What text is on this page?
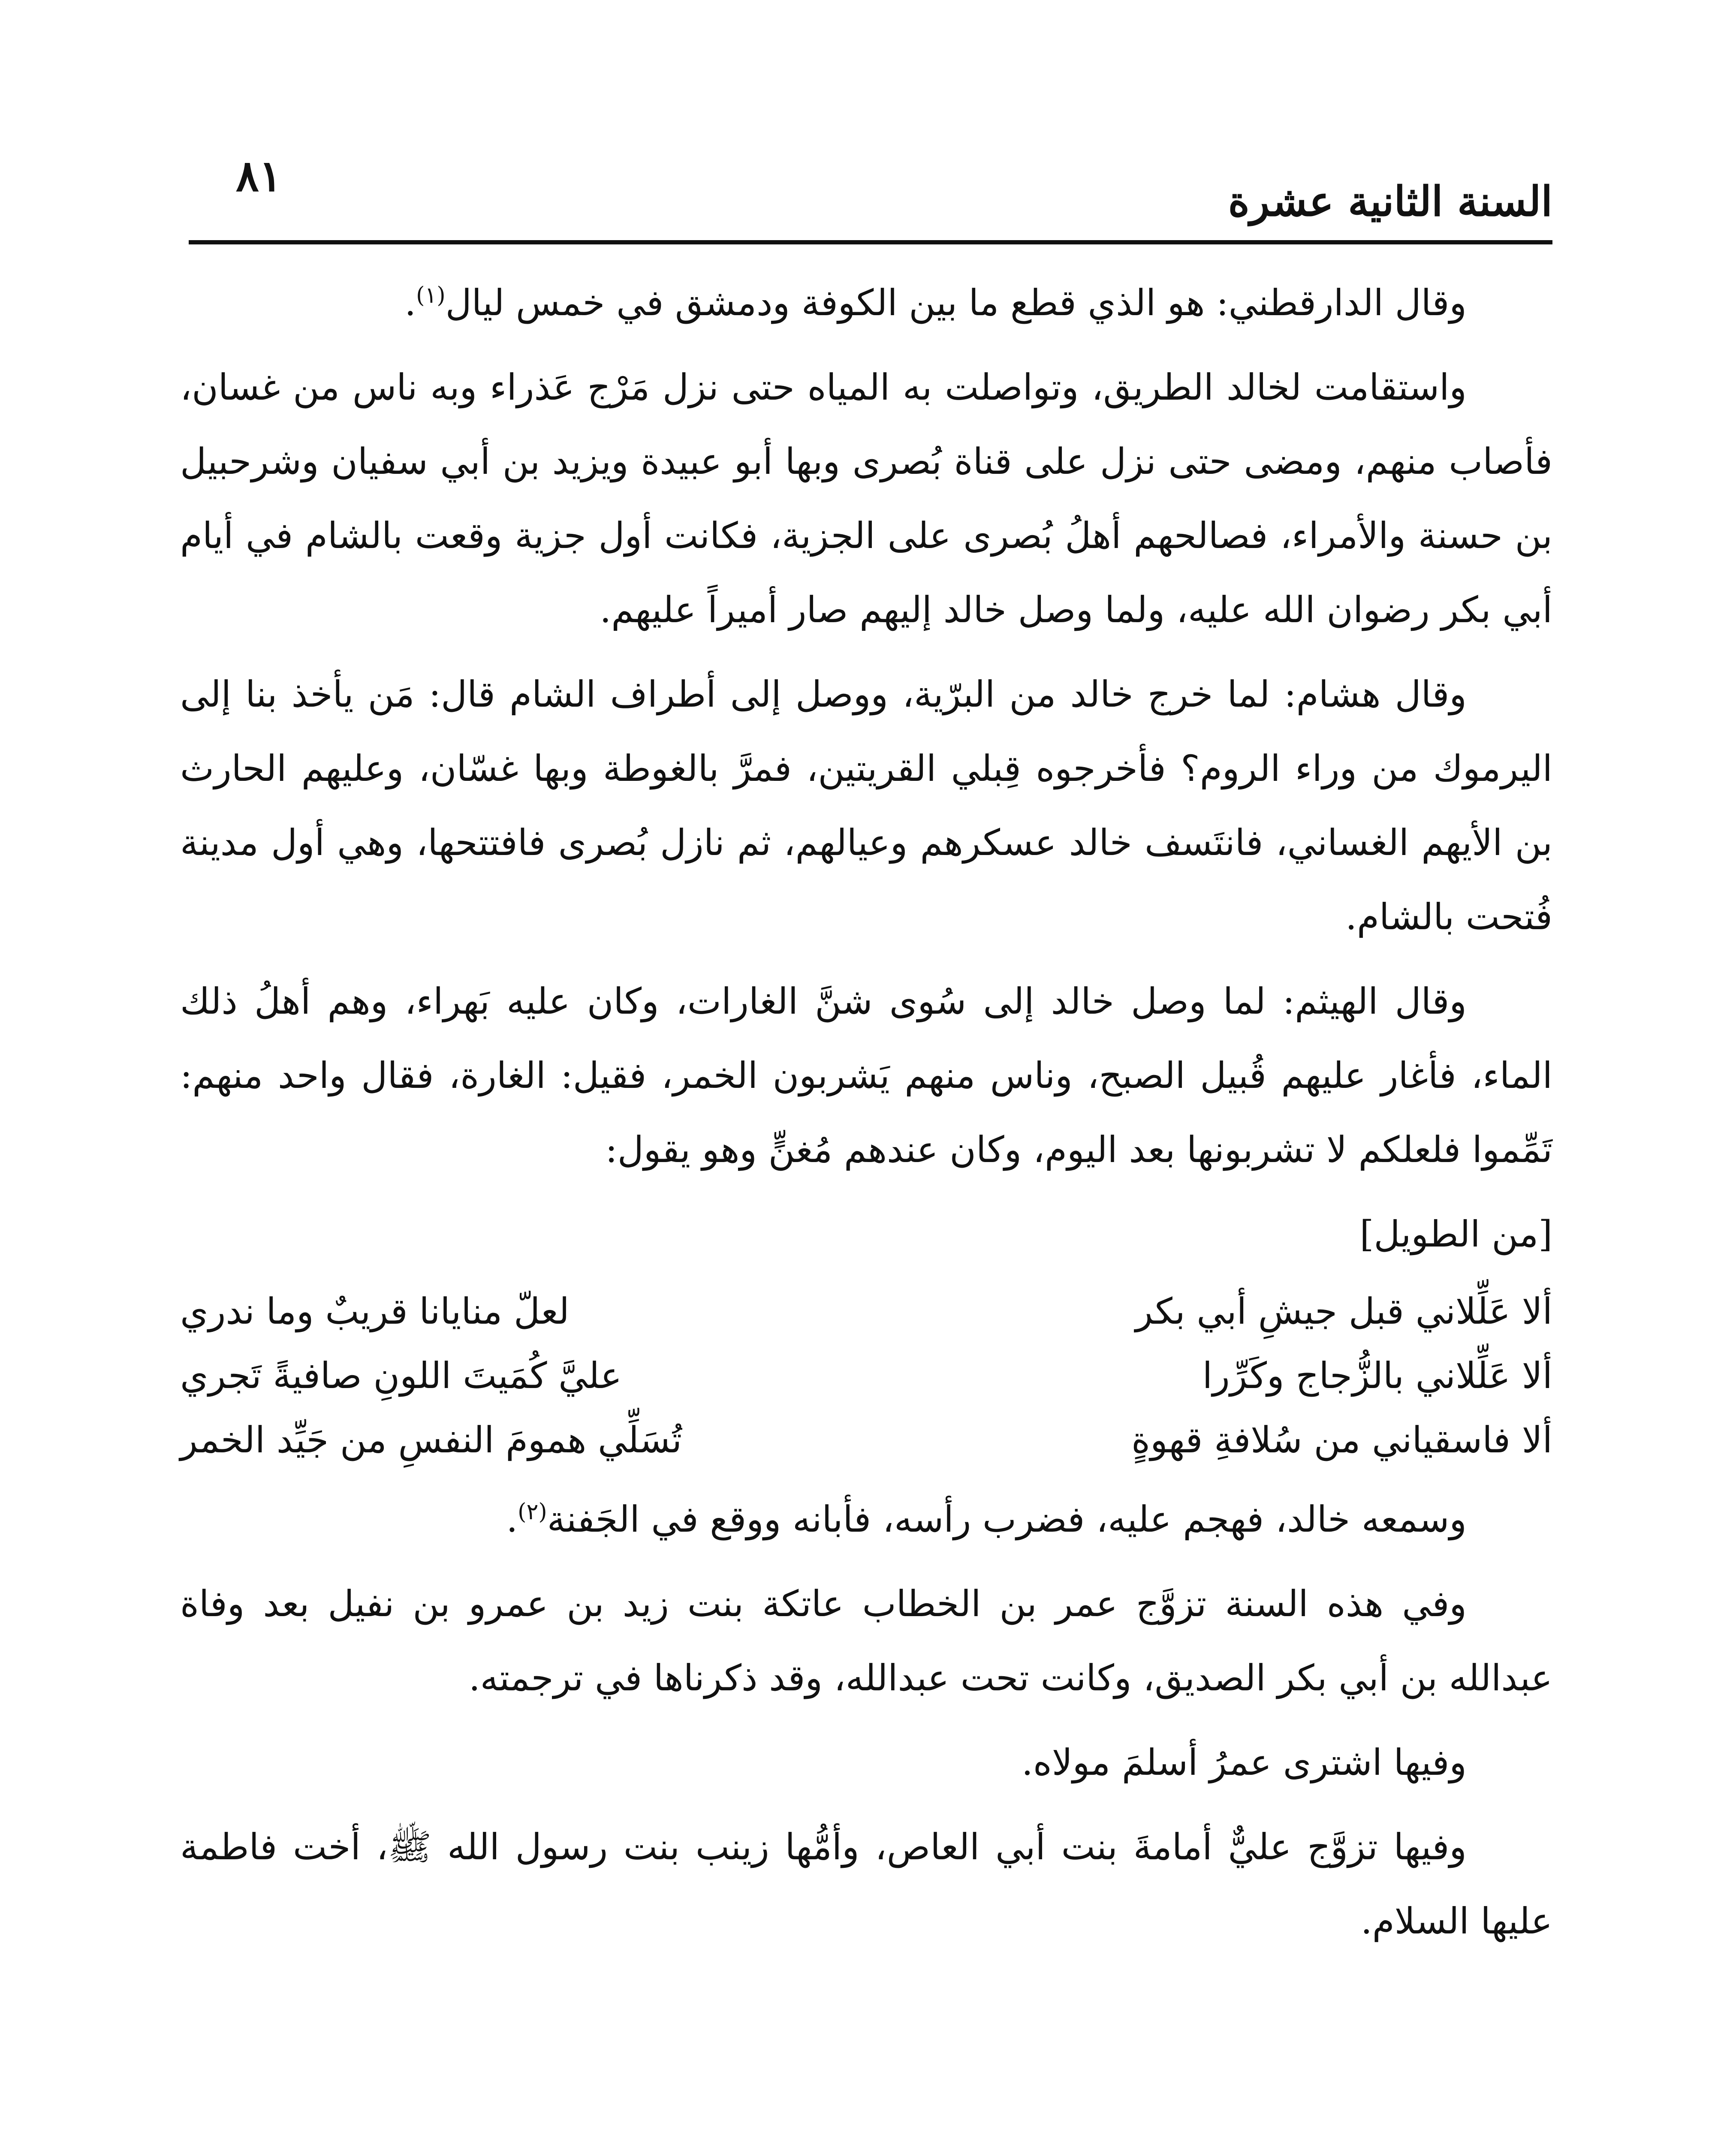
السنة الثانية عشرة
٨١

وقال الدارقطني: هو الذي قطع ما بين الكوفة ودمشق في خمس ليال$^{(١)}$.

واستقامت لخالد الطريق، وتواصلت به المياه حتى نزل مَرْج عَذراء وبه ناس من غسان، فأصاب منهم، ومضى حتى نزل على قناة بُصرى وبها أبو عبيدة ويزيد بن أبي سفيان وشرحبيل بن حسنة والأمراء، فصالحهم أهلُ بُصرى على الجزية، فكانت أول جزية وقعت بالشام في أيام أبي بكر رضوان الله عليه، ولما وصل خالد إليهم صار أميراً عليهم.

وقال هشام: لما خرج خالد من البرّية، ووصل إلى أطراف الشام قال: مَن يأخذ بنا إلى اليرموك من وراء الروم؟ فأخرجوه قِبلي القريتين، فمرَّ بالغوطة وبها غسّان، وعليهم الحارث بن الأيهم الغساني، فانتَسف خالد عسكرهم وعيالهم، ثم نازل بُصرى فافتتحها، وهي أول مدينة فُتحت بالشام.

وقال الهيثم: لما وصل خالد إلى سُوى شنَّ الغارات، وكان عليه بَهراء، وهم أهلُ ذلك الماء، فأغار عليهم قُبيل الصبح، وناس منهم يَشربون الخمر، فقيل: الغارة، فقال واحد منهم: تَمِّموا فلعلكم لا تشربونها بعد اليوم، وكان عندهم مُغنٍّ وهو يقول:

[من الطويل]

ألا عَلِّلاني قبل جيشِ أبي بكر
لعلّ منايانا قريبٌ وما ندري
ألا عَلِّلاني بالزُّجاج وكَرِّرا
عليَّ كُمَيتَ اللونِ صافيةً تَجري
ألا فاسقياني من سُلافةِ قهوةٍ
تُسَلِّي همومَ النفسِ من جَيِّد الخمر

وسمعه خالد، فهجم عليه، فضرب رأسه، فأبانه ووقع في الجَفنة$^{(٢)}$.

وفي هذه السنة تزوَّج عمر بن الخطاب عاتكة بنت زيد بن عمرو بن نفيل بعد وفاة عبدالله بن أبي بكر الصديق، وكانت تحت عبدالله، وقد ذكرناها في ترجمته.

وفيها اشترى عمرُ أسلمَ مولاه.

وفيها تزوَّج عليٌّ أمامةَ بنت أبي العاص، وأمُّها زينب بنت رسول الله ﷺ، أخت فاطمة عليها السلام.
